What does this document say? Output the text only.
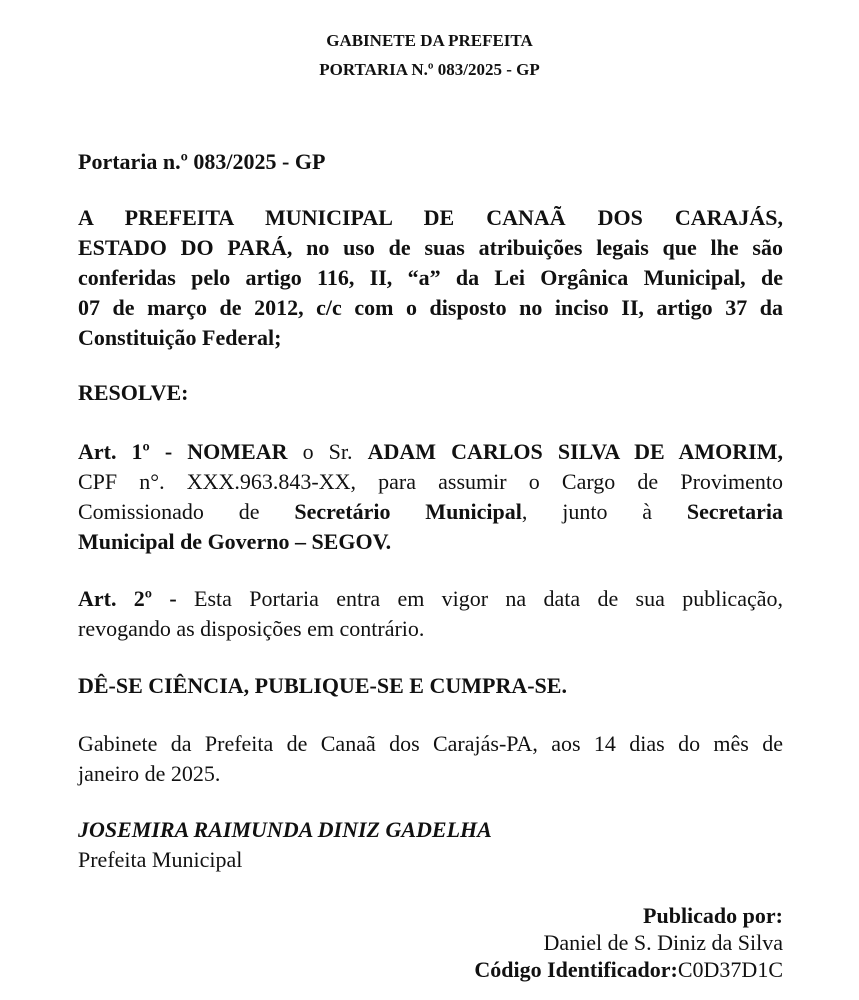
GABINETE DA PREFEITA
PORTARIA N.º 083/2025 - GP

Portaria n.º 083/2025 - GP

A PREFEITA MUNICIPAL DE CANAÃ DOS CARAJÁS,

ESTADO DO PARÁ, no uso de suas atribuições legais que lhe são

conferidas pelo artigo 116, II, “a” da Lei Orgânica Municipal, de

07 de março de 2012, c/c com o disposto no inciso II, artigo 37 da

Constituição Federal;

RESOLVE:

Art. 1º - NOMEAR o Sr. ADAM CARLOS SILVA DE AMORIM,

CPF n°. XXX.963.843-XX, para assumir o Cargo de Provimento

Comissionado de Secretário Municipal, junto à Secretaria

Municipal de Governo – SEGOV.

Art. 2º - Esta Portaria entra em vigor na data de sua publicação,

revogando as disposições em contrário.

DÊ-SE CIÊNCIA, PUBLIQUE-SE E CUMPRA-SE.

Gabinete da Prefeita de Canaã dos Carajás-PA, aos 14 dias do mês de

janeiro de 2025.

JOSEMIRA RAIMUNDA DINIZ GADELHA

Prefeita Municipal

Publicado por:
Daniel de S. Diniz da Silva
Código Identificador:C0D37D1C
